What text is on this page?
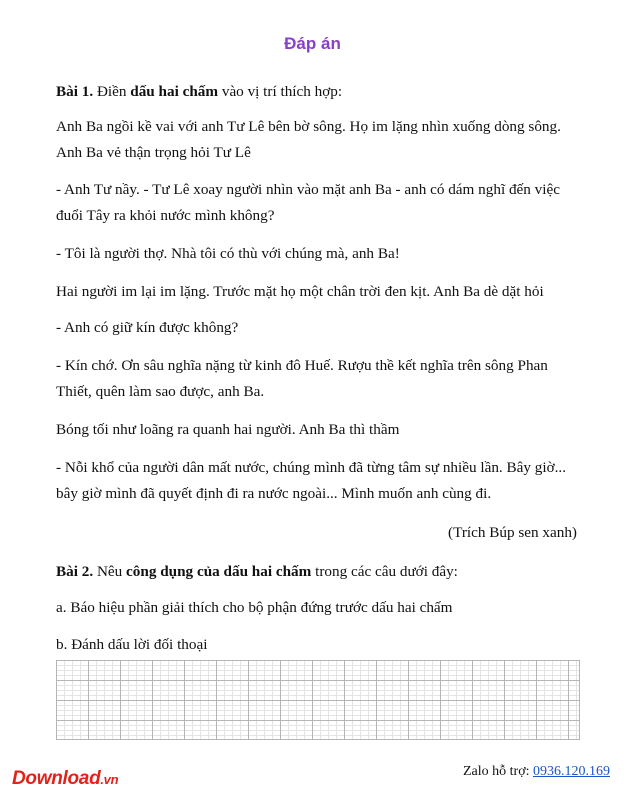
Đáp án
Bài 1. Điền dấu hai chấm vào vị trí thích hợp:
Anh Ba ngồi kề vai với anh Tư Lê bên bờ sông. Họ im lặng nhìn xuống dòng sông.
Anh Ba vẻ thận trọng hỏi Tư Lê
- Anh Tư nầy. - Tư Lê xoay người nhìn vào mặt anh Ba - anh có dám nghĩ đến việc
đuổi Tây ra khỏi nước mình không?
- Tôi là người thợ. Nhà tôi có thù với chúng mà, anh Ba!
Hai người im lại im lặng. Trước mặt họ một chân trời đen kịt. Anh Ba dè dặt hỏi
- Anh có giữ kín được không?
- Kín chớ. Ơn sâu nghĩa nặng từ kinh đô Huế. Rượu thề kết nghĩa trên sông Phan
Thiết, quên làm sao được, anh Ba.
Bóng tối như loãng ra quanh hai người. Anh Ba thì thầm
- Nỗi khổ của người dân mất nước, chúng mình đã từng tâm sự nhiều lần. Bây giờ...
bây giờ mình đã quyết định đi ra nước ngoài... Mình muốn anh cùng đi.
(Trích Búp sen xanh)
Bài 2. Nêu công dụng của dấu hai chấm trong các câu dưới đây:
a. Báo hiệu phần giải thích cho bộ phận đứng trước dấu hai chấm
b. Đánh dấu lời đối thoại
Download.vn
Zalo hỗ trợ: 0936.120.169
